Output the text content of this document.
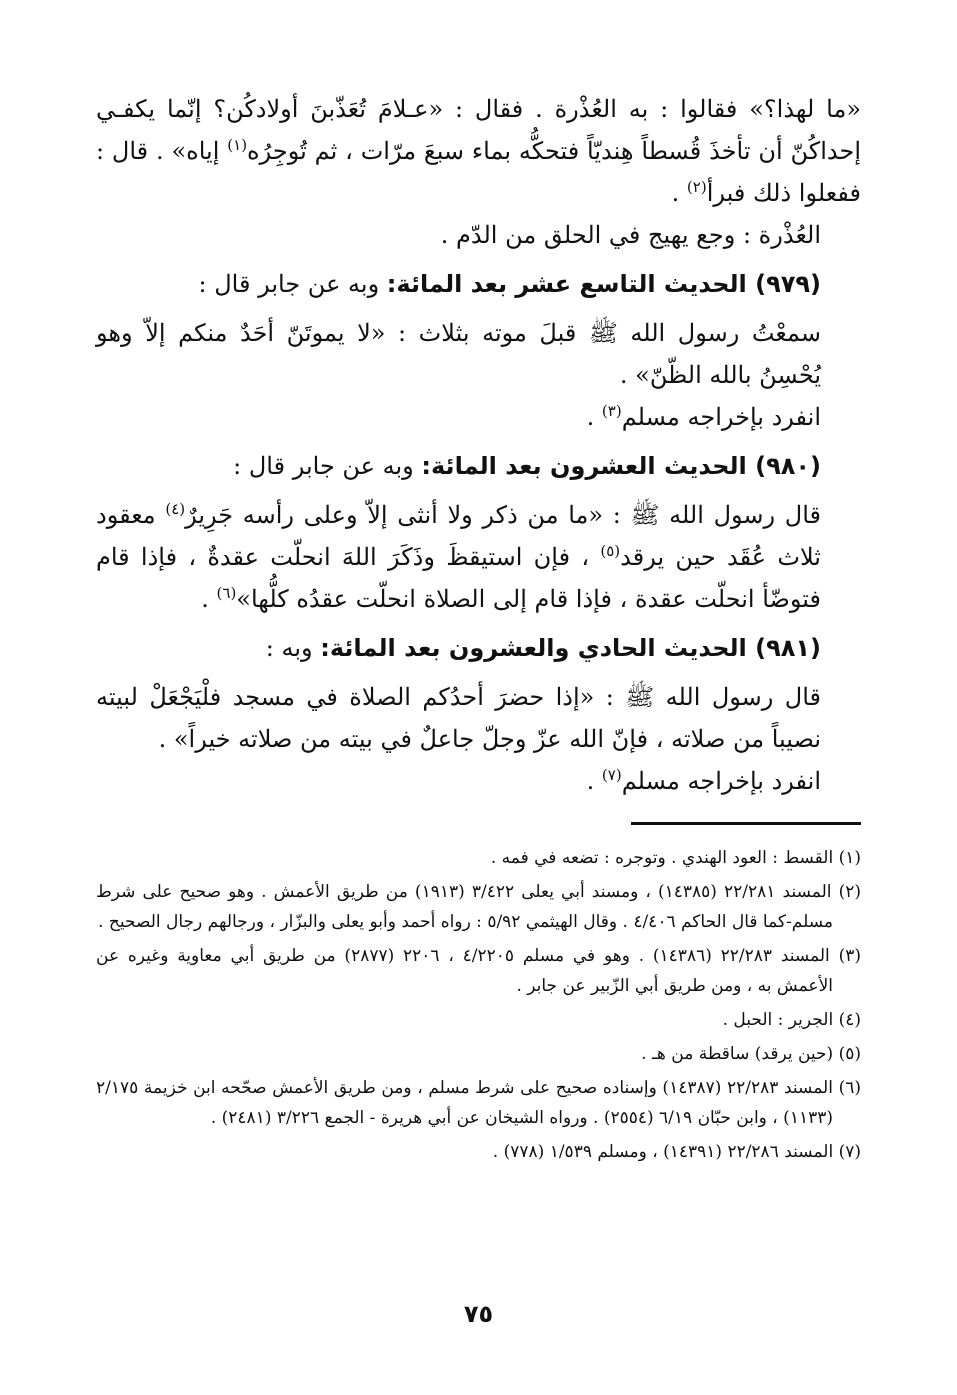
«ما لهذا؟» فقالوا : به العُذْرة . فقال : «عـلامَ تُعَذّبنَ أولادكُن؟ إنّما يكفـي إحداكُنّ أن تأخذَ قُسطاً هِنديّاً فتحكُّه بماء سبعَ مرّات ، ثم تُوجِرُه$^{(١)}$ إياه» . قال : ففعلوا ذلك فبرأ$^{(٢)}$ .

العُذْرة : وجع يهيج في الحلق من الدّم .

(٩٧٩) الحديث التاسع عشر بعد المائة: وبه عن جابر قال :

سمعْتُ رسول الله ﷺ قبلَ موته بثلاث : «لا يموتَنّ أحَدٌ منكم إلاّ وهو يُحْسِنُ بالله الظّنّ» .

انفرد بإخراجه مسلم$^{(٣)}$ .

(٩٨٠) الحديث العشرون بعد المائة: وبه عن جابر قال :

قال رسول الله ﷺ : «ما من ذكر ولا أنثى إلاّ وعلى رأسه جَرِيرٌ$^{(٤)}$ معقود ثلاث عُقَد حين يرقد$^{(٥)}$ ، فإن استيقظَ وذَكَرَ اللهَ انحلّت عقدةٌ ، فإذا قام فتوضّأ انحلّت عقدة ، فإذا قام إلى الصلاة انحلّت عقدُه كلُّها»$^{(٦)}$ .

(٩٨١) الحديث الحادي والعشرون بعد المائة: وبه :

قال رسول الله ﷺ : «إذا حضرَ أحدُكم الصلاة في مسجد فلْيَجْعَلْ لبيته نصيباً من صلاته ، فإنّ الله عزّ وجلّ جاعلٌ في بيته من صلاته خيراً» .

انفرد بإخراجه مسلم$^{(٧)}$ .

(١) القسط : العود الهندي . وتوجره : تضعه في فمه .

(٢) المسند ٢٢/٢٨١ (١٤٣٨٥) ، ومسند أبي يعلى ٣/٤٢٢ (١٩١٣) من طريق الأعمش . وهو صحيح على شرط مسلم-كما قال الحاكم ٤/٤٠٦ . وقال الهيثمي ٥/٩٢ : رواه أحمد وأبو يعلى والبزّار ، ورجالهم رجال الصحيح .

(٣) المسند ٢٢/٢٨٣ (١٤٣٨٦) . وهو في مسلم ٤/٢٢٠٥ ، ٢٢٠٦ (٢٨٧٧) من طريق أبي معاوية وغيره عن الأعمش به ، ومن طريق أبي الزّبير عن جابر .

(٤) الجرير : الحبل .

(٥) (حين يرقد) ساقطة من هـ .

(٦) المسند ٢٢/٢٨٣ (١٤٣٨٧) وإسناده صحيح على شرط مسلم ، ومن طريق الأعمش صحّحه ابن خزيمة ٢/١٧٥ (١١٣٣) ، وابن حبّان ٦/١٩ (٢٥٥٤) . ورواه الشيخان عن أبي هريرة - الجمع ٣/٢٢٦ (٢٤٨١) .

(٧) المسند ٢٢/٢٨٦ (١٤٣٩١) ، ومسلم ١/٥٣٩ (٧٧٨) .

٧٥
